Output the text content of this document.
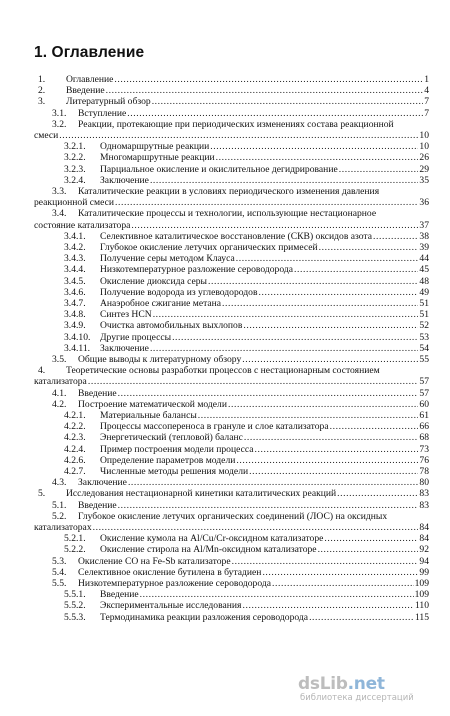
1. Оглавление
1. Оглавление .....	1
2. Введение .....	4
3. Литературный обзор .....	7
3.1. Вступление .....	7
3.2. Реакции, протекающие при периодических изменениях состава реакционной
смеси .....	10
3.2.1. Одномаршрутные реакции .....	10
3.2.2. Многомаршрутные реакции .....	26
3.2.3. Парциальное окисление и окислительное дегидрирование .....	29
3.2.4. Заключение .....	35
3.3. Каталитические реакции в условиях периодического изменения давления
реакционной смеси .....	36
3.4. Каталитические процессы и технологии, использующие нестационарное
состояние катализатора .....	37
3.4.1. Селективное каталитическое восстановление (СКВ) оксидов азота .....	38
3.4.2. Глубокое окисление летучих органических примесей .....	39
3.4.3. Получение серы методом Клауса .....	44
3.4.4. Низкотемпературное разложение сероводорода .....	45
3.4.5. Окисление диоксида серы .....	48
3.4.6. Получение водорода из углеводородов .....	49
3.4.7. Анаэробное сжигание метана .....	51
3.4.8. Синтез HCN .....	51
3.4.9. Очистка автомобильных выхлопов .....	52
3.4.10. Другие процессы .....	53
3.4.11. Заключение .....	54
3.5. Общие выводы к литературному обзору .....	55
4. Теоретические основы разработки процессов с нестационарным состоянием
катализатора .....	57
4.1. Введение .....	57
4.2. Построение математической модели .....	60
4.2.1. Материальные балансы .....	61
4.2.2. Процессы массопереноса в грануле и слое катализатора .....	66
4.2.3. Энергетический (тепловой) баланс .....	68
4.2.4. Пример построения модели процесса .....	73
4.2.6. Определение параметров модели .....	76
4.2.7. Численные методы решения модели .....	78
4.3. Заключение .....	80
5. Исследования нестационарной кинетики каталитических реакций .....	83
5.1. Введение .....	83
5.2. Глубокое окисление летучих органических соединений (ЛОС) на оксидных
катализаторах .....	84
5.2.1. Окисление кумола на Al/Cu/Cr-оксидном катализаторе .....	84
5.2.2. Окисление стирола на Al/Mn-оксидном катализаторе .....	92
5.3. Окисление СО на Fe-Sb катализаторе .....	94
5.4. Селективное окисление бутилена в бутадиен .....	99
5.5. Низкотемпературное разложение сероводорода .....	109
5.5.1. Введение .....	109
5.5.2. Экспериментальные исследования .....	110
5.5.3. Термодинамика реакции разложения сероводорода .....	115
dsLib.net
библиотека диссертаций
